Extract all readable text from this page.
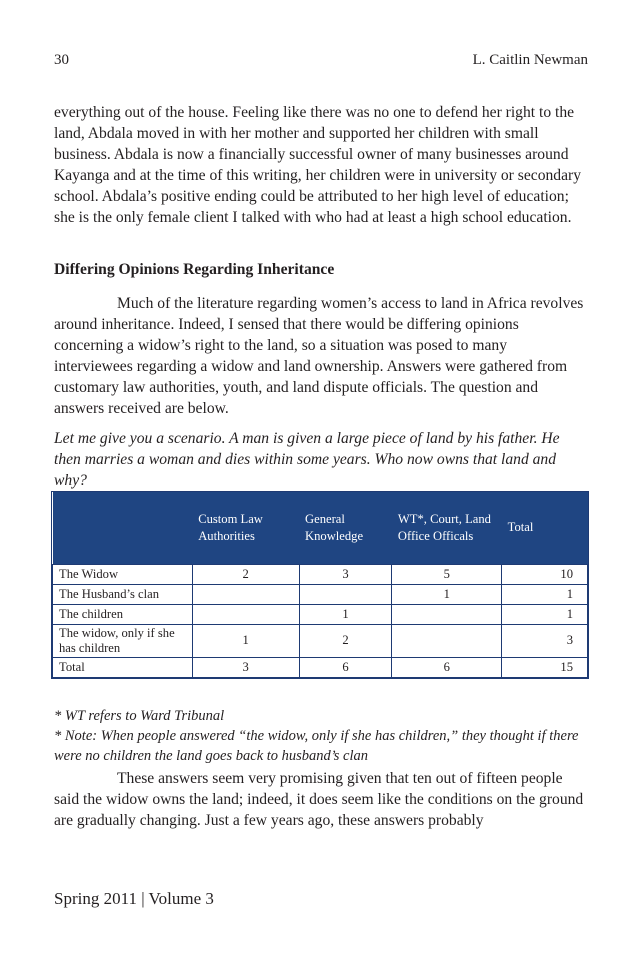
30	L. Caitlin Newman

everything out of the house. Feeling like there was no one to defend her right to the land, Abdala moved in with her mother and supported her children with small business. Abdala is now a financially successful owner of many businesses around Kayanga and at the time of this writing, her children were in university or secondary school. Abdala’s positive ending could be attributed to her high level of education; she is the only female client I talked with who had at least a high school education.

Differing Opinions Regarding Inheritance

Much of the literature regarding women’s access to land in Africa revolves around inheritance. Indeed, I sensed that there would be differing opinions concerning a widow’s right to the land, so a situation was posed to many interviewees regarding a widow and land ownership. Answers were gathered from customary law authorities, youth, and land dispute officials. The question and answers received are below.

Let me give you a scenario. A man is given a large piece of land by his father. He then marries a woman and dies within some years. Who now owns that land and why?

	Custom Law Authorities	General Knowledge	WT*, Court, Land Office Officals	Total
The Widow	2	3	5	10
The Husband’s clan			1	1
The children		1		1
The widow, only if she has children	1	2		3
Total	3	6	6	15
* WT refers to Ward Tribunal
* Note: When people answered “the widow, only if she has children,” they thought if there were no children the land goes back to husband’s clan

These answers seem very promising given that ten out of fifteen people said the widow owns the land; indeed, it does seem like the conditions on the ground are gradually changing. Just a few years ago, these answers probably

Spring 2011 | Volume 3
